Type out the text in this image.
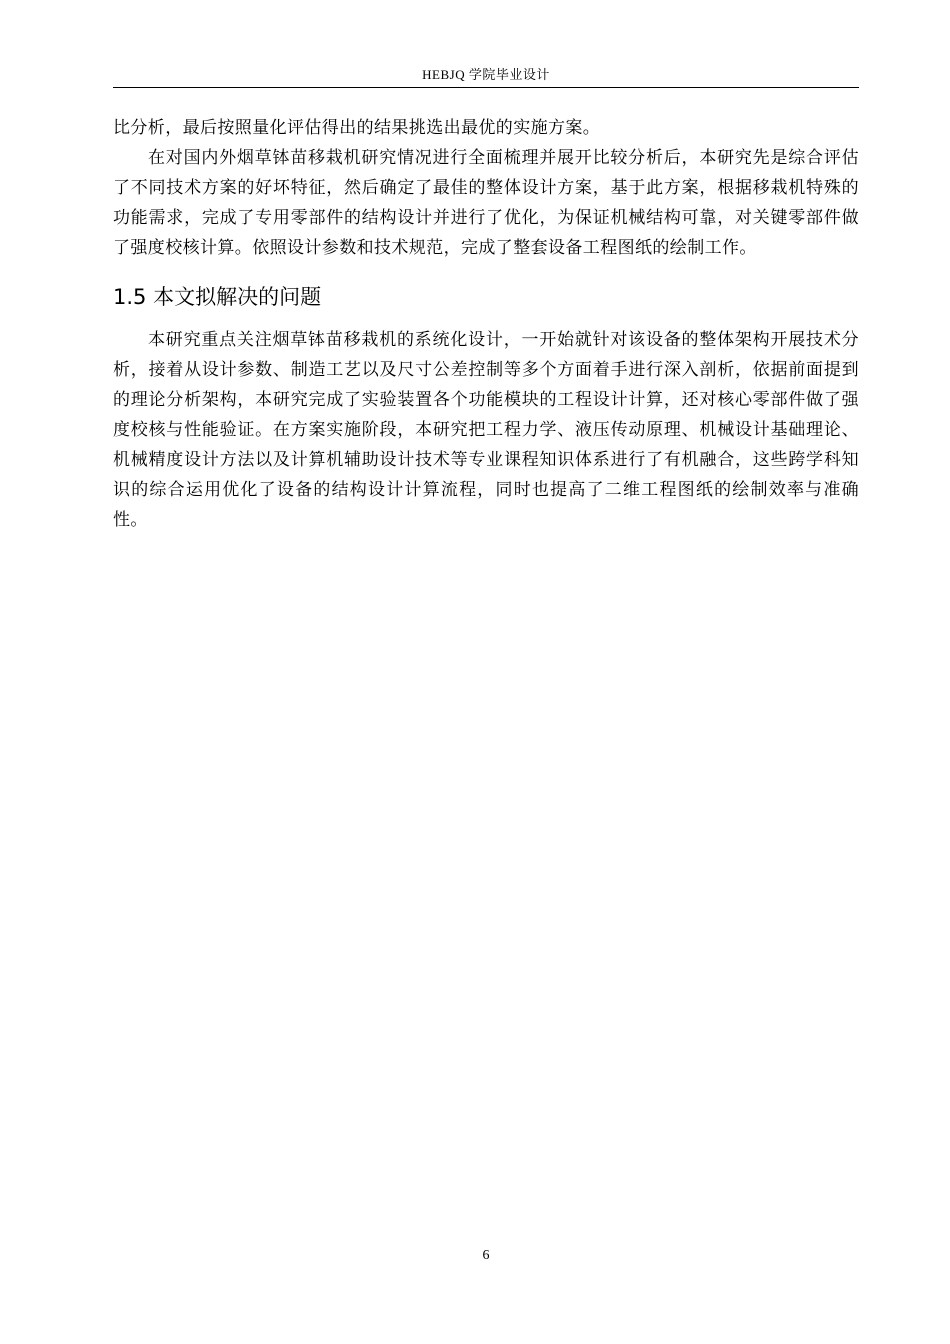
HEBJQ 学院毕业设计

比分析，最后按照量化评估得出的结果挑选出最优的实施方案。

在对国内外烟草钵苗移栽机研究情况进行全面梳理并展开比较分析后，本研究先是综合评估了不同技术方案的好坏特征，然后确定了最佳的整体设计方案，基于此方案，根据移栽机特殊的功能需求，完成了专用零部件的结构设计并进行了优化，为保证机械结构可靠，对关键零部件做了强度校核计算。依照设计参数和技术规范，完成了整套设备工程图纸的绘制工作。

1.5 本文拟解决的问题

本研究重点关注烟草钵苗移栽机的系统化设计，一开始就针对该设备的整体架构开展技术分析，接着从设计参数、制造工艺以及尺寸公差控制等多个方面着手进行深入剖析，依据前面提到的理论分析架构，本研究完成了实验装置各个功能模块的工程设计计算，还对核心零部件做了强度校核与性能验证。在方案实施阶段，本研究把工程力学、液压传动原理、机械设计基础理论、机械精度设计方法以及计算机辅助设计技术等专业课程知识体系进行了有机融合，这些跨学科知识的综合运用优化了设备的结构设计计算流程，同时也提高了二维工程图纸的绘制效率与准确性。

6
